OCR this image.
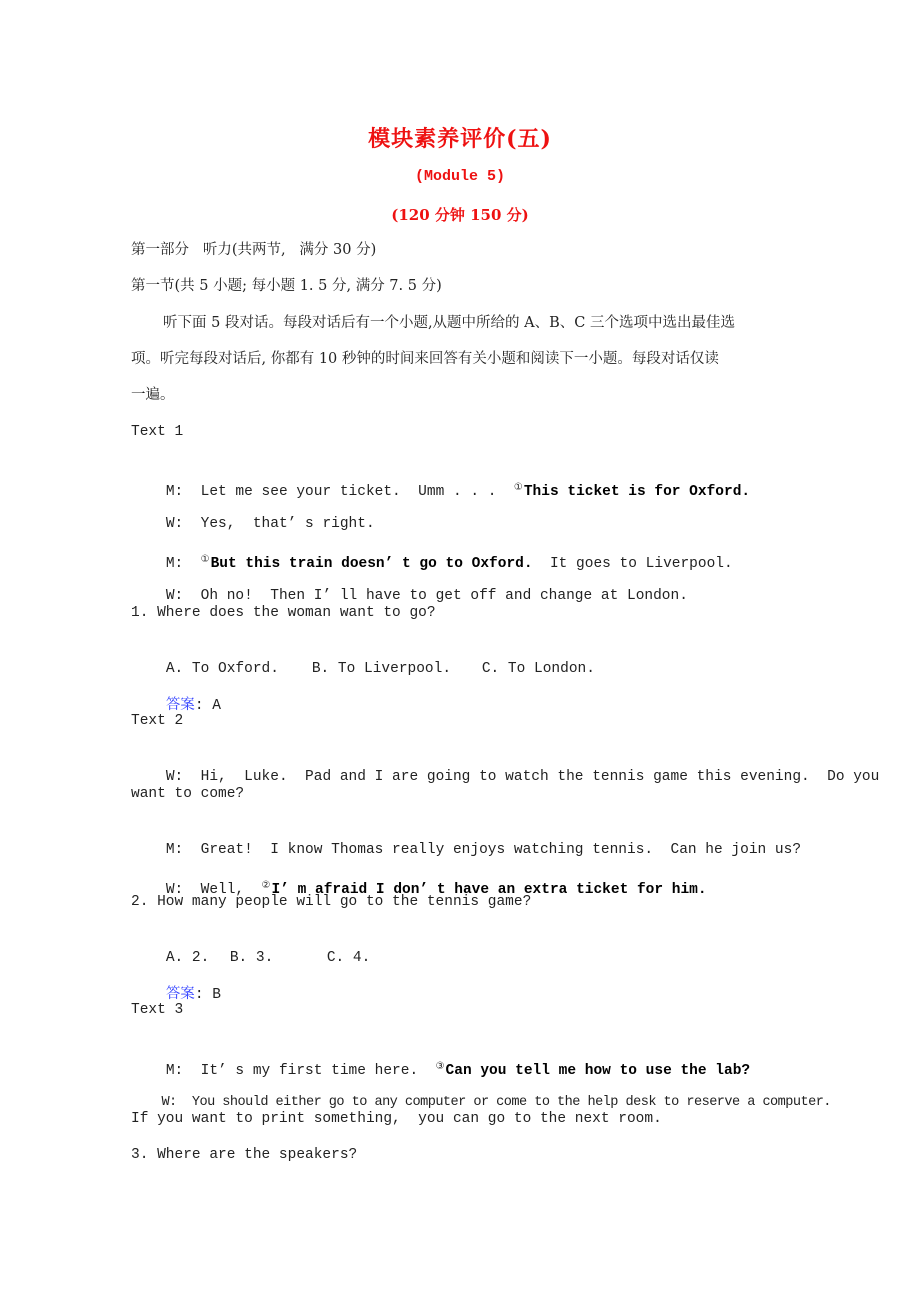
模块素养评价(五)
(Module 5)
(120 分钟 150 分)
第一部分   听力(共两节,   满分 30 分)
第一节(共 5 小题; 每小题 1. 5 分, 满分 7. 5 分)
听下面 5 段对话。每段对话后有一个小题,从题中所给的 A、B、C 三个选项中选出最佳选
项。听完每段对话后, 你都有 10 秒钟的时间来回答有关小题和阅读下一小题。每段对话仅读
一遍。
Text 1

M: Let me see your ticket.  Umm . . .  ①This ticket is for Oxford.

W: Yes,  that’ s right.

M: ①But this train doesn’ t go to Oxford.  It goes to Liverpool.

W: Oh no!  Then I’ ll have to get off and change at London.

1. Where does the woman want to go?

A. To Oxford. B. To Liverpool. C. To London.

答案: A

Text 2

W: Hi,  Luke.  Pad and I are going to watch the tennis game this evening.  Do you

want to come?

M: Great!  I know Thomas really enjoys watching tennis.  Can he join us?

W: Well,  ②I’ m afraid I don’ t have an extra ticket for him.

2. How many people will go to the tennis game?

A. 2. B. 3.	C. 4.

答案: B

Text 3

M: It’ s my first time here.  ③Can you tell me how to use the lab?

W: You should either go to any computer or come to the help desk to reserve a computer.

If you want to print something,  you can go to the next room.
3. Where are the speakers?
